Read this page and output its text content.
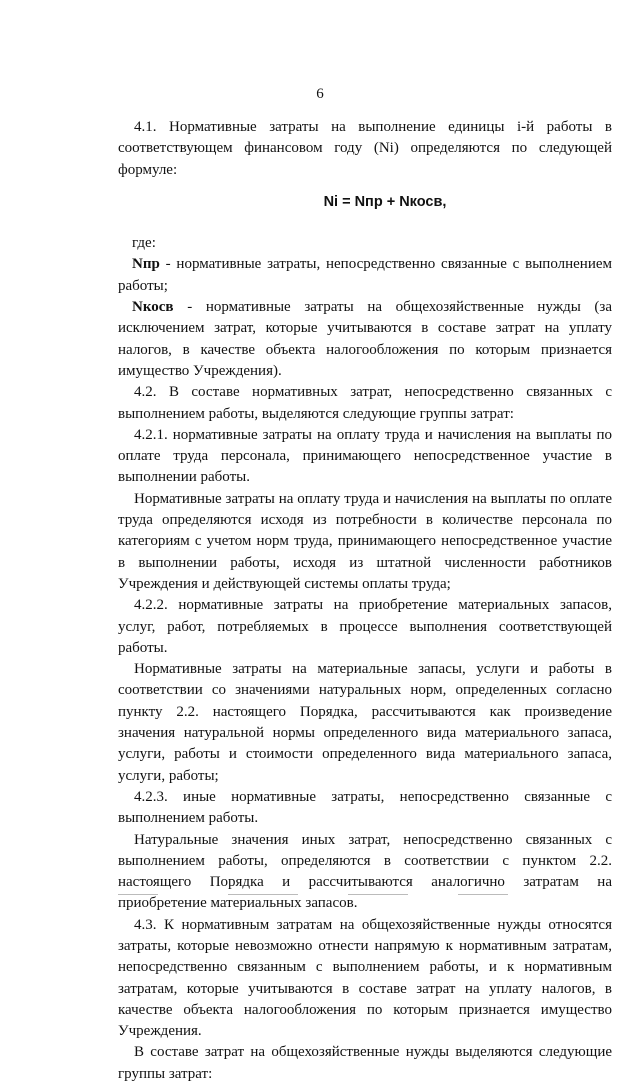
6

4.1. Нормативные затраты на выполнение единицы i-й работы в соответствующем финансовом году (Ni) определяются по следующей формуле:

Ni = Nпр + Nкосв,

где:

Nпр - нормативные затраты, непосредственно связанные с выполнением работы;

Nкосв - нормативные затраты на общехозяйственные нужды (за исключением затрат, которые учитываются в составе затрат на уплату налогов, в качестве объекта налогообложения по которым признается имущество Учреждения).

4.2. В составе нормативных затрат, непосредственно связанных с выполнением работы, выделяются следующие группы затрат:

4.2.1. нормативные затраты на оплату труда и начисления на выплаты по оплате труда персонала, принимающего непосредственное участие в выполнении работы.

Нормативные затраты на оплату труда и начисления на выплаты по оплате труда определяются исходя из потребности в количестве персонала по категориям с учетом норм труда, принимающего непосредственное участие в выполнении работы, исходя из штатной численности работников Учреждения и действующей системы оплаты труда;

4.2.2. нормативные затраты на приобретение материальных запасов, услуг, работ, потребляемых в процессе выполнения соответствующей работы.

Нормативные затраты на материальные запасы, услуги и работы в соответствии со значениями натуральных норм, определенных согласно пункту 2.2. настоящего Порядка, рассчитываются как произведение значения натуральной нормы определенного вида материального запаса, услуги, работы и стоимости определенного вида материального запаса, услуги, работы;

4.2.3. иные нормативные затраты, непосредственно связанные с выполнением работы.

Натуральные значения иных затрат, непосредственно связанных с выполнением работы, определяются в соответствии с пунктом 2.2. настоящего Порядка и рассчитываются аналогично затратам на приобретение материальных запасов.

4.3. К нормативным затратам на общехозяйственные нужды относятся затраты, которые невозможно отнести напрямую к нормативным затратам, непосредственно связанным с выполнением работы, и к нормативным затратам, которые учитываются в составе затрат на уплату налогов, в качестве объекта налогообложения по которым признается имущество Учреждения.

В составе затрат на общехозяйственные нужды выделяются следующие группы затрат:
